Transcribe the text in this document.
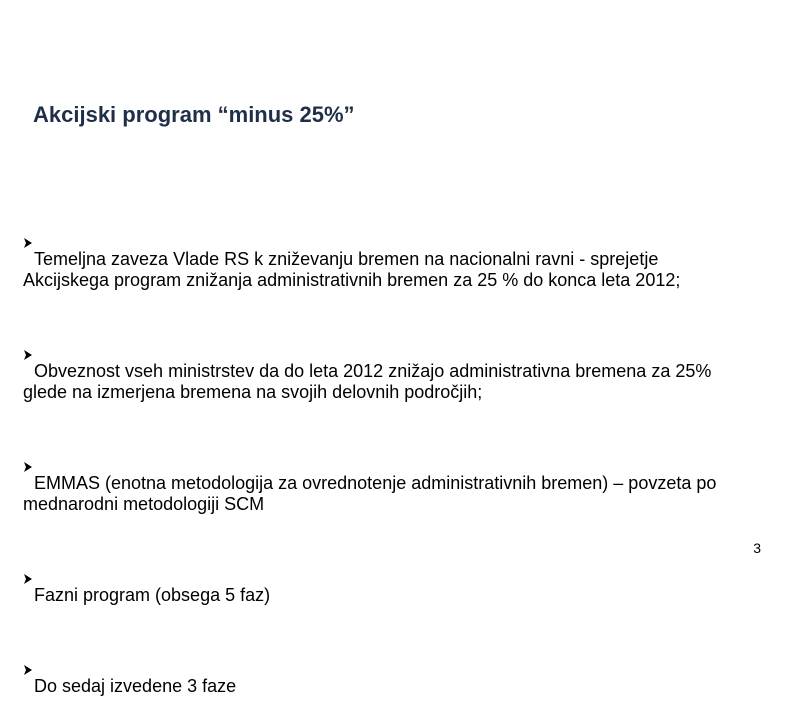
Akcijski program “minus 25%”

Temeljna zaveza Vlade RS k zniževanju bremen na nacionalni ravni - sprejetje Akcijskega program znižanja administrativnih bremen za 25 % do konca leta 2012;

Obveznost vseh ministrstev da do leta 2012 znižajo administrativna bremena za 25% glede na izmerjena bremena na svojih delovnih področjih;

EMMAS (enotna metodologija za ovrednotenje administrativnih bremen) – povzeta po mednarodni metodologiji SCM

Fazni program (obsega 5 faz)

Do sedaj izvedene 3 faze

3
